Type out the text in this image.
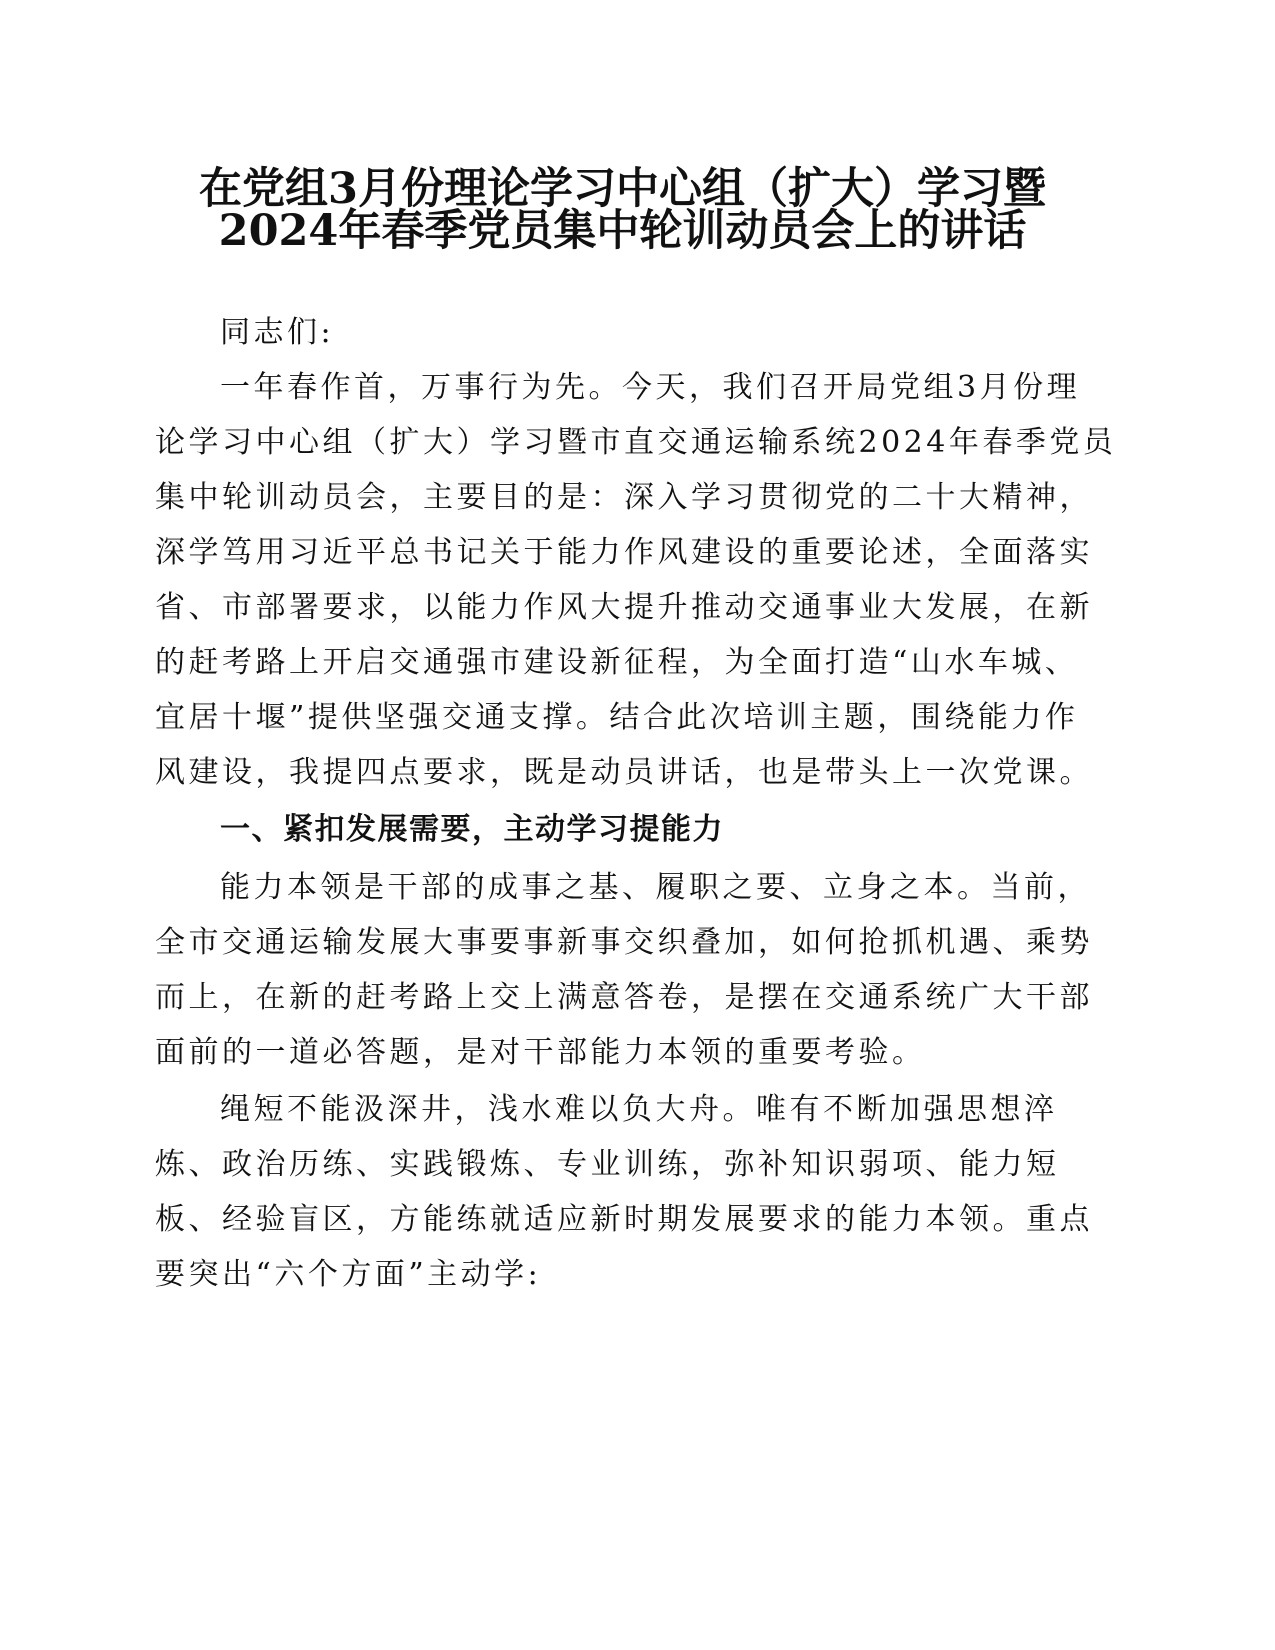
在党组3月份理论学习中心组（扩大）学习暨
2024年春季党员集中轮训动员会上的讲话
同志们:
一年春作首，万事行为先。今天，我们召开局党组3月份理
论学习中心组（扩大）学习暨市直交通运输系统2024年春季党员
集中轮训动员会，主要目的是：深入学习贯彻党的二十大精神，
深学笃用习近平总书记关于能力作风建设的重要论述，全面落实
省、市部署要求，以能力作风大提升推动交通事业大发展，在新
的赶考路上开启交通强市建设新征程，为全面打造“山水车城、
宜居十堰”提供坚强交通支撑。结合此次培训主题，围绕能力作
风建设，我提四点要求，既是动员讲话，也是带头上一次党课。
一、紧扣发展需要，主动学习提能力
能力本领是干部的成事之基、履职之要、立身之本。当前，
全市交通运输发展大事要事新事交织叠加，如何抢抓机遇、乘势
而上，在新的赶考路上交上满意答卷，是摆在交通系统广大干部
面前的一道必答题，是对干部能力本领的重要考验。
绳短不能汲深井，浅水难以负大舟。唯有不断加强思想淬
炼、政治历练、实践锻炼、专业训练，弥补知识弱项、能力短
板、经验盲区，方能练就适应新时期发展要求的能力本领。重点
要突出“六个方面”主动学:
